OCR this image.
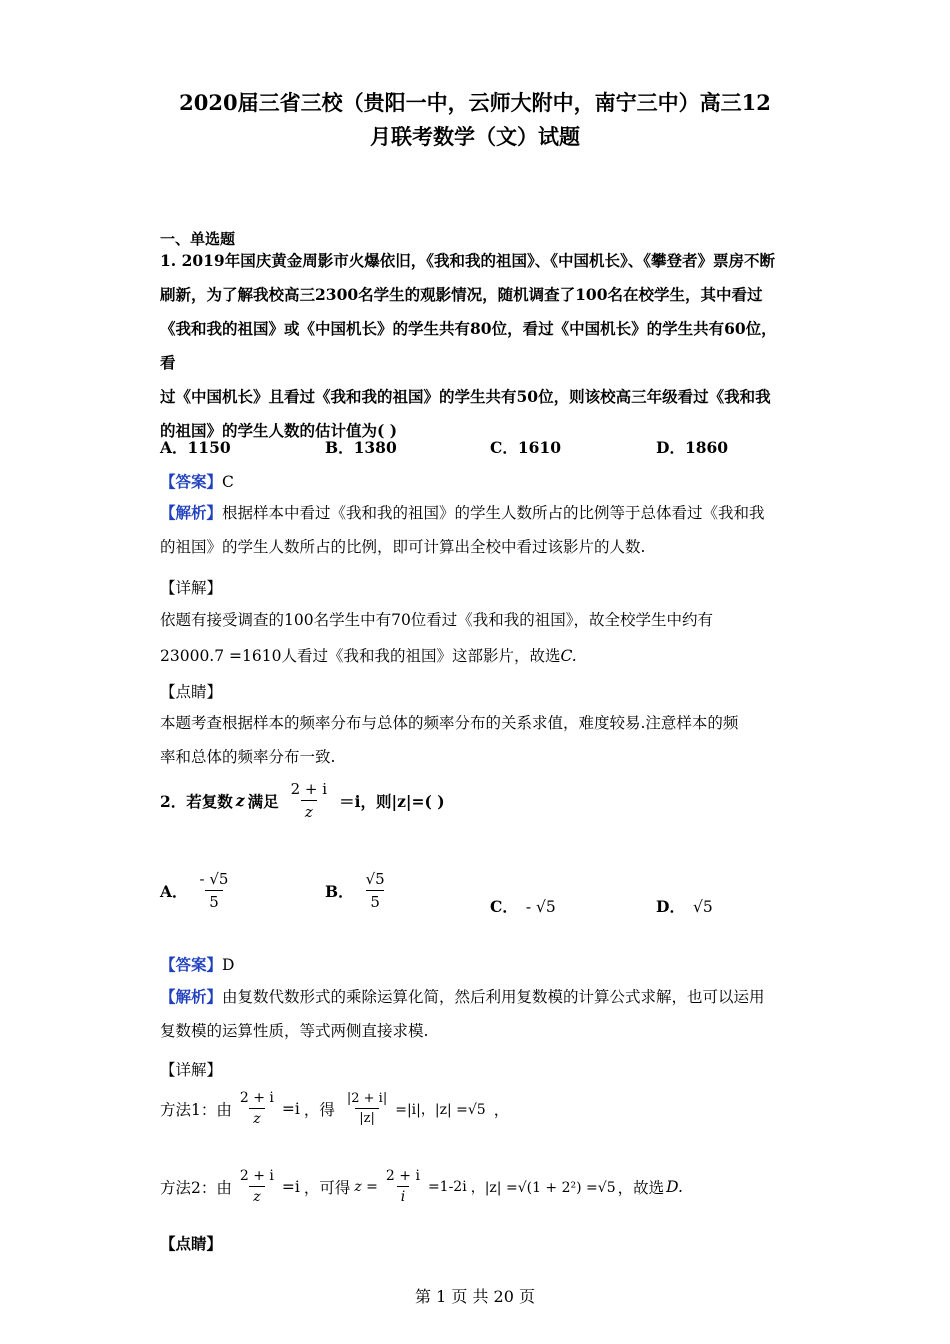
2020届三省三校（贵阳一中，云师大附中，南宁三中）高三12
月联考数学（文）试题
一、单选题
1. 2019年国庆黄金周影市火爆依旧，《我和我的祖国》、《中国机长》、《攀登者》票房不断
刷新，为了解我校高三2300名学生的观影情况，随机调查了100名在校学生，其中看过
《我和我的祖国》或《中国机长》的学生共有80位，看过《中国机长》的学生共有60位，看
过《中国机长》且看过《我和我的祖国》的学生共有50位，则该校高三年级看过《我和我
的祖国》的学生人数的估计值为( )
A．1150	B．1380	C．1610	D．1860
【答案】C
【解析】根据样本中看过《我和我的祖国》的学生人数所占的比例等于总体看过《我和我
的祖国》的学生人数所占的比例，即可计算出全校中看过该影片的人数.
【详解】
依题有接受调查的100名学生中有70位看过《我和我的祖国》，故全校学生中约有
23000.7 =1610人看过《我和我的祖国》这部影片，故选C.
【点睛】
本题考查根据样本的频率分布与总体的频率分布的关系求值，难度较易.注意样本的频
率和总体的频率分布一致.
2．若复数 z 满足 $\frac{2 + i}{z} =i$，则|z|=( )
A． $\frac{- √5}{5}$	B． $\frac{√5}{5}$	C． - √5	D． √5
【答案】D
【解析】由复数代数形式的乘除运算化简，然后利用复数模的计算公式求解，也可以运用
复数模的运算性质，等式两侧直接求模.
【详解】
方法1：由 $\frac{2 + i}{z} =i$ ，得 $\frac{|2 + i|}{|z|} =|i|$，|z| =√5 ，
方法2：由 $\frac{2 + i}{z} =i$ ，可得 $z = \frac{2 + i}{i} =1-2i$ ，|z| =√(1 + 2²) =√5 ，故选 D.
【点睛】
第 1 页 共 20 页
